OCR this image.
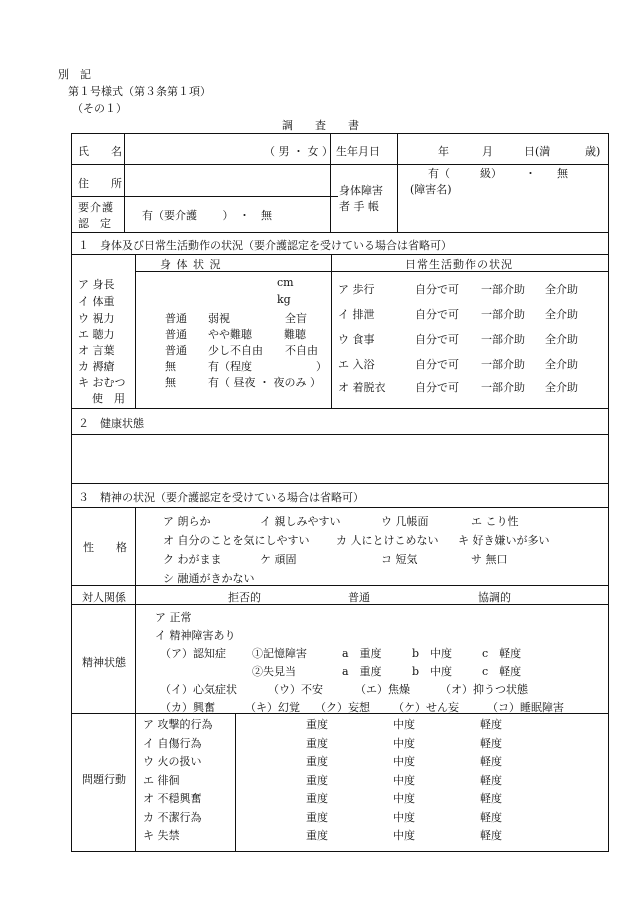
別　記
第１号様式（第３条第１項）
（その１）
調　　査　　書
氏　　名	（ 男 ・ 女 ） 生年月日	年	月	日(満	歳)
住　　所
身体障害
者 手 帳
有（	級） ・ 無
(障害名)
要介護
認　定
有（要介護　　 ）　・　無
１　身体及び日常生活動作の状況（要介護認定を受けている場合は省略可）
身 体 状 況	日常生活動作の状況
ア 身長	cm
イ 体重	kg
ウ 視力	普通 弱視	全盲
エ 聴力	普通 やや難聴	難聴
オ 言葉	普通 少し不自由 不自由
カ 褥瘡	無	有（程度	）
キ おむつ	無	有（ 昼夜 ・ 夜のみ ）
使　用
ア 歩行	自分で可 一部介助 全介助
イ 排泄	自分で可 一部介助 全介助
ウ 食事	自分で可 一部介助 全介助
エ 入浴	自分で可 一部介助 全介助
オ 着脱衣	自分で可 一部介助 全介助
２　健康状態
３　精神の状況（要介護認定を受けている場合は省略可）
性　　格
ア 朗らか	イ 親しみやすい	ウ 几帳面	エ こり性
オ 自分のことを気にしやすい カ 人にとけこめない キ 好き嫌いが多い
ク わがまま	ケ 頑固	コ 短気	サ 無口
シ 融通がきかない
対人関係	拒否的	普通	協調的
精神状態
ア 正常
イ 精神障害あり
（ア）認知症 ①記憶障害	a　重度	b　中度	c　軽度
②失見当	a　重度	b　中度	c　軽度
（イ）心気症状	（ウ）不安	（エ）焦燥	（オ）抑うつ状態
（カ）興奮	（キ）幻覚 （ク）妄想 （ケ）せん妄	（コ）睡眠障害
問題行動
ア 攻撃的行為	重度	中度	軽度
イ 自傷行為	重度	中度	軽度
ウ 火の扱い	重度	中度	軽度
エ 徘徊	重度	中度	軽度
オ 不穏興奮	重度	中度	軽度
カ 不潔行為	重度	中度	軽度
キ 失禁	重度	中度	軽度
